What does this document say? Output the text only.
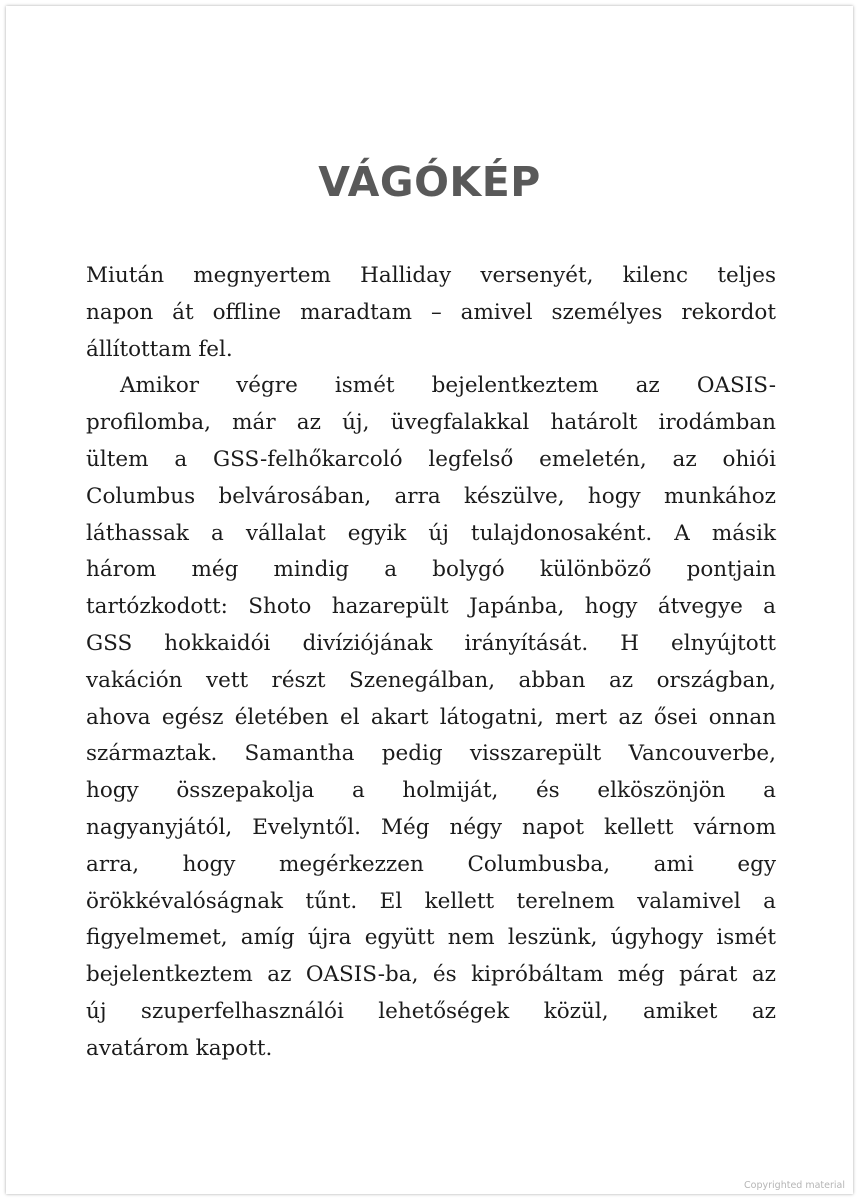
VÁGÓKÉP

Miután megnyertem Halliday versenyét, kilenc teljes
napon át offline maradtam – amivel személyes rekordot
állítottam fel.

Amikor végre ismét bejelentkeztem az OASIS-
profilomba, már az új, üvegfalakkal határolt irodámban
ültem a GSS-felhőkarcoló legfelső emeletén, az ohiói
Columbus belvárosában, arra készülve, hogy munkához
láthassak a vállalat egyik új tulajdonosaként. A másik
három még mindig a bolygó különböző pontjain
tartózkodott: Shoto hazarepült Japánba, hogy átvegye a
GSS hokkaidói divíziójának irányítását. H elnyújtott
vakáción vett részt Szenegálban, abban az országban,
ahova egész életében el akart látogatni, mert az ősei onnan
származtak. Samantha pedig visszarepült Vancouverbe,
hogy összepakolja a holmiját, és elköszönjön a
nagyanyjától, Evelyntől. Még négy napot kellett várnom
arra, hogy megérkezzen Columbusba, ami egy
örökkévalóságnak tűnt. El kellett terelnem valamivel a
figyelmemet, amíg újra együtt nem leszünk, úgyhogy ismét
bejelentkeztem az OASIS-ba, és kipróbáltam még párat az
új szuperfelhasználói lehetőségek közül, amiket az
avatárom kapott.

Copyrighted material
